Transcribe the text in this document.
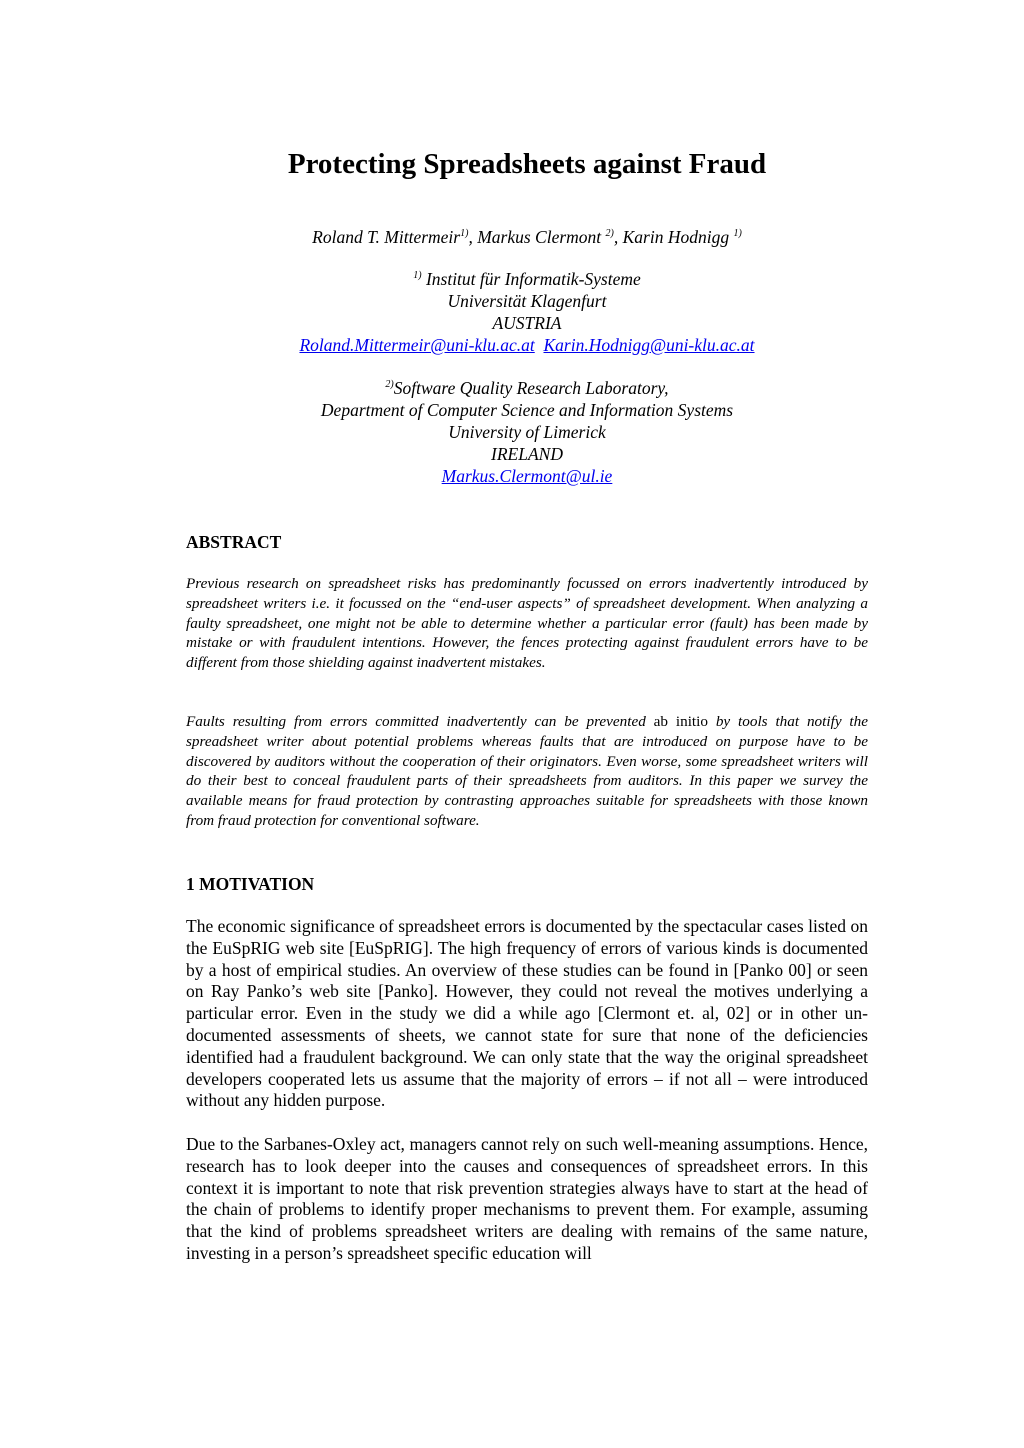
Protecting Spreadsheets against Fraud

Roland T. Mittermeir$^{1)}$, Markus Clermont $^{2)}$, Karin Hodnigg $^{1)}$

$^{1)}$ Institut für Informatik-Systeme
Universität Klagenfurt
AUSTRIA
Roland.Mittermeir@uni-klu.ac.at Karin.Hodnigg@uni-klu.ac.at
$^{2)}$Software Quality Research Laboratory,
Department of Computer Science and Information Systems
University of Limerick
IRELAND
Markus.Clermont@ul.ie
ABSTRACT

Previous research on spreadsheet risks has predominantly focussed on errors inadvertently introduced by spreadsheet writers i.e. it focussed on the “end-user aspects” of spreadsheet development. When analyzing a faulty spreadsheet, one might not be able to determine whether a particular error (fault) has been made by mistake or with fraudulent intentions. However, the fences protecting against fraudulent errors have to be different from those shielding against inadvertent mistakes.

Faults resulting from errors committed inadvertently can be prevented ab initio by tools that notify the spreadsheet writer about potential problems whereas faults that are introduced on purpose have to be discovered by auditors without the cooperation of their originators. Even worse, some spreadsheet writers will do their best to conceal fraudulent parts of their spreadsheets from auditors. In this paper we survey the available means for fraud protection by contrasting approaches suitable for spreadsheets with those known from fraud protection for conventional software.

1 MOTIVATION

The economic significance of spreadsheet errors is documented by the spectacular cases listed on the EuSpRIG web site [EuSpRIG]. The high frequency of errors of various kinds is documented by a host of empirical studies. An overview of these studies can be found in [Panko 00] or seen on Ray Panko’s web site [Panko]. However, they could not reveal the motives underlying a particular error. Even in the study we did a while ago [Clermont et. al, 02] or in other un-documented assessments of sheets, we cannot state for sure that none of the deficiencies identified had a fraudulent background. We can only state that the way the original spreadsheet developers cooperated lets us assume that the majority of errors – if not all – were introduced without any hidden purpose.

Due to the Sarbanes-Oxley act, managers cannot rely on such well-meaning assumptions. Hence, research has to look deeper into the causes and consequences of spreadsheet errors. In this context it is important to note that risk prevention strategies always have to start at the head of the chain of problems to identify proper mechanisms to prevent them. For example, assuming that the kind of problems spreadsheet writers are dealing with remains of the same nature, investing in a person’s spreadsheet specific education will
